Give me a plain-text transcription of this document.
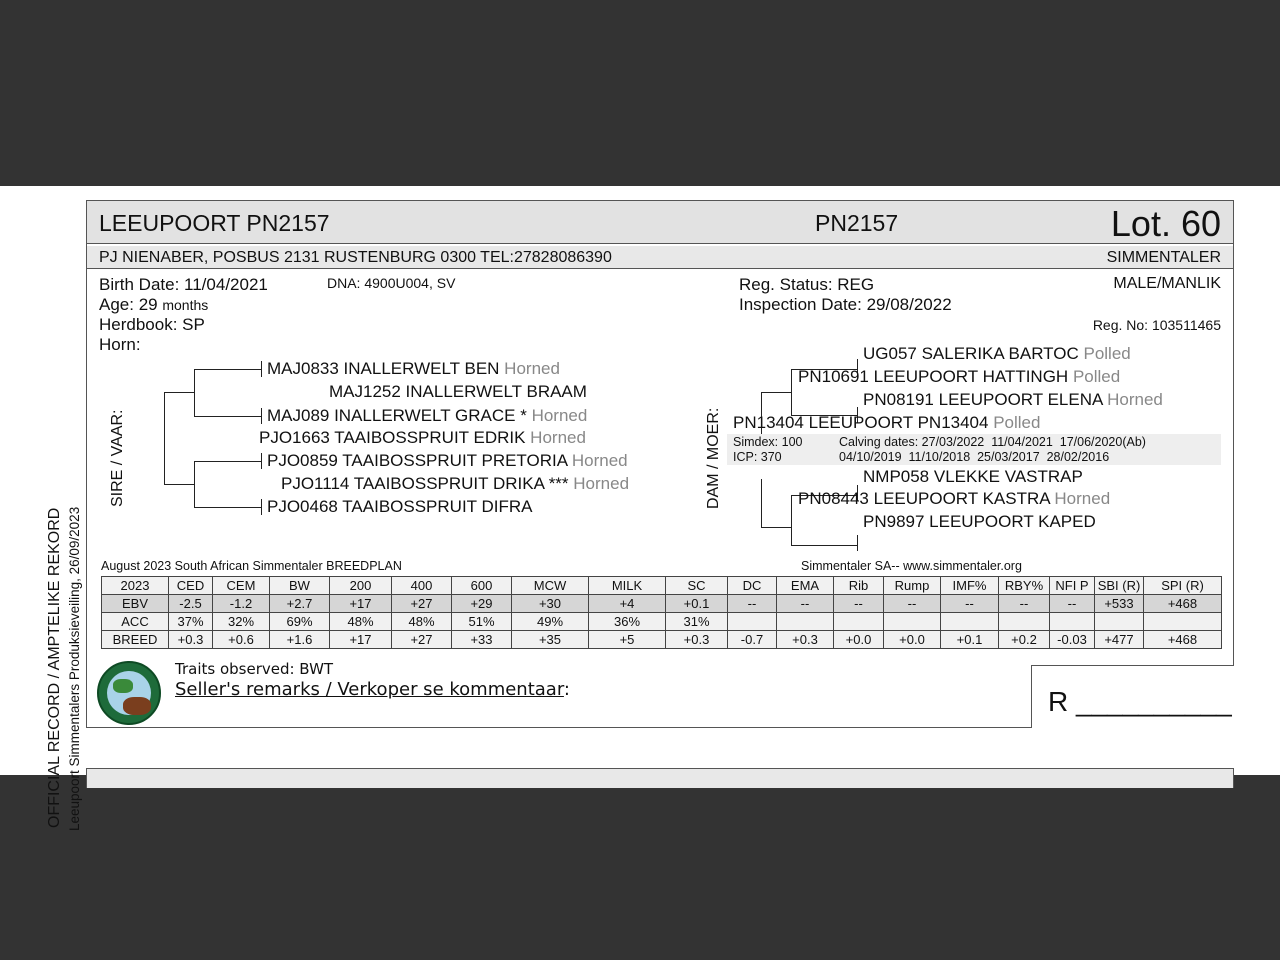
OFFICIAL RECORD / AMPTELIKE REKORD Leeupoort Simmentalers Produksieveiling, 26/09/2023
LEEUPOORT PN2157	PN2157	Lot. 60
PJ NIENABER, POSBUS 2131 RUSTENBURG 0300 TEL:27828086390	SIMMENTALER
Birth Date: 11/04/2021	DNA: 4900U004, SV
Age: 29 months
Herdbook: SP
Horn:
Reg. Status: REG
Inspection Date: 29/08/2022
MALE/MANLIK
Reg. No: 103511465
SIRE / VAAR:
MAJ0833 INALLERWELT BEN Horned
MAJ1252 INALLERWELT BRAAM
MAJ089 INALLERWELT GRACE * Horned
PJO1663 TAAIBOSSPRUIT EDRIK Horned
PJO0859 TAAIBOSSPRUIT PRETORIA Horned
PJO1114 TAAIBOSSPRUIT DRIKA *** Horned
PJO0468 TAAIBOSSPRUIT DIFRA	DAM / MOER:
UG057 SALERIKA BARTOC Polled
PN10691 LEEUPOORT HATTINGH Polled
PN08191 LEEUPOORT ELENA Horned
PN13404 LEEUPOORT PN13404 Polled
Simdex: 100
ICP: 370
Calving dates: 27/03/2022  11/04/2021  17/06/2020(Ab)
04/10/2019  11/10/2018  25/03/2017  28/02/2016
NMP058 VLEKKE VASTRAP
PN08443 LEEUPOORT KASTRA Horned
PN9897 LEEUPOORT KAPED
August 2023 South African Simmentaler BREEDPLAN	Simmentaler SA-- www.simmentaler.org
2023	CED	CEM	BW	200	400	600	MCW	MILK	SC	DC	EMA	Rib	Rump	IMF%	RBY%	NFI P	SBI (R)	SPI (R)
EBV	-2.5	-1.2	+2.7	+17	+27	+29	+30	+4	+0.1	--	--	--	--	--	--	--	+533	+468
ACC	37%	32%	69%	48%	48%	51%	49%	36%	31%									
BREED	+0.3	+0.6	+1.6	+17	+27	+33	+35	+5	+0.3	-0.7	+0.3	+0.0	+0.0	+0.1	+0.2	-0.03	+477	+468
Traits observed: BWT
Seller's remarks / Verkoper se kommentaar:	R __________
